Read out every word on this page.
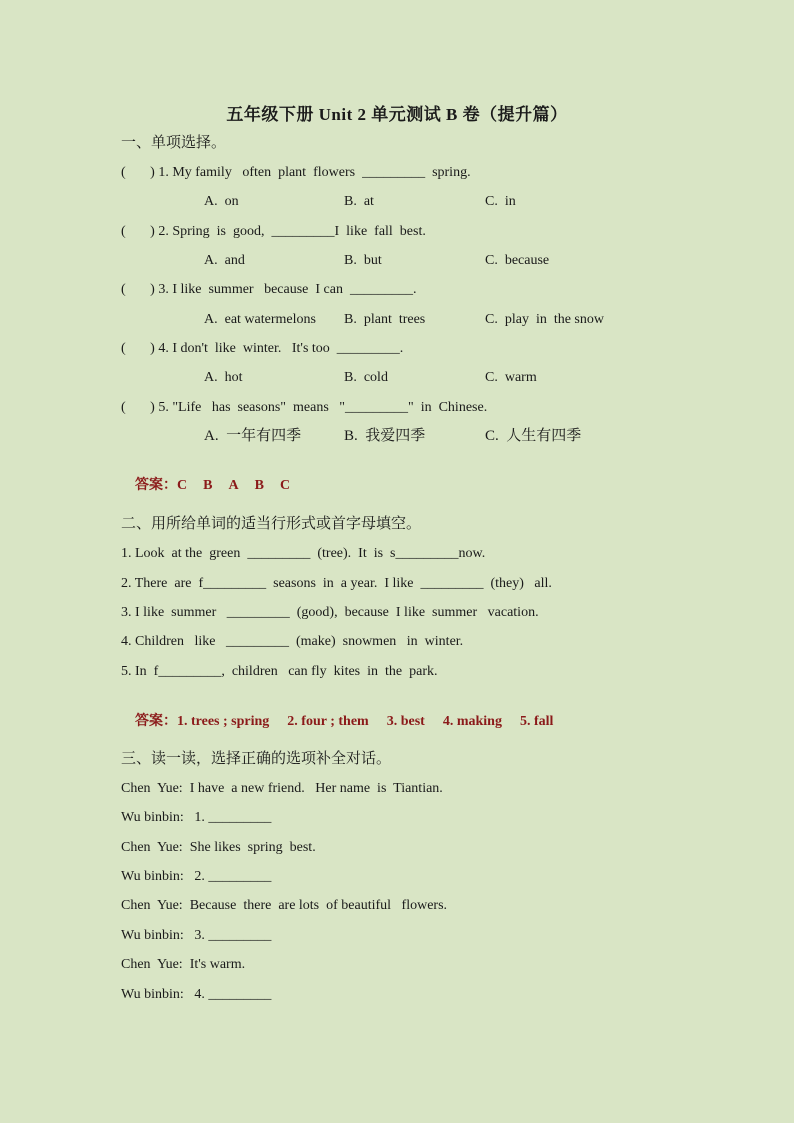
五年级下册 Unit 2 单元测试 B 卷（提升篇）
一、单项选择。
(       ) 1. My family   often  plant  flowers  _________  spring.
A.  on	B.  at	C.  in
(       ) 2. Spring  is  good,  _________I  like  fall  best.
A.  and	B.  but	C.  because
(       ) 3. I like  summer   because  I can  _________.
A.  eat watermelons B.  plant  trees	C.  play  in  the snow
(       ) 4. I don't  like  winter.   It's too  _________.
A.  hot	B.  cold	C.  warm
(       ) 5. "Life   has  seasons"  means   "_________"  in  Chinese.
A.  一年有四季	B.  我爱四季	C.  人生有四季

答案：C B A B C

二、用所给单词的适当行形式或首字母填空。
1. Look  at the  green  _________  (tree).  It  is  s_________now.
2. There  are  f_________  seasons  in  a year.  I like  _________  (they)   all.
3. I like  summer   _________  (good),  because  I like  summer   vacation.
4. Children   like   _________  (make)  snowmen   in  winter.
5. In  f_________,  children   can fly  kites  in  the  park.

答案：1. trees ; spring 2. four ; them 3. best 4. making 5. fall

三、读一读，选择正确的选项补全对话。
Chen  Yue:  I have  a new friend.   Her name  is  Tiantian.
Wu binbin:   1. _________
Chen  Yue:  She likes  spring  best.
Wu binbin:   2. _________
Chen  Yue:  Because  there  are lots  of beautiful   flowers.
Wu binbin:   3. _________
Chen  Yue:  It's warm.
Wu binbin:   4. _________
